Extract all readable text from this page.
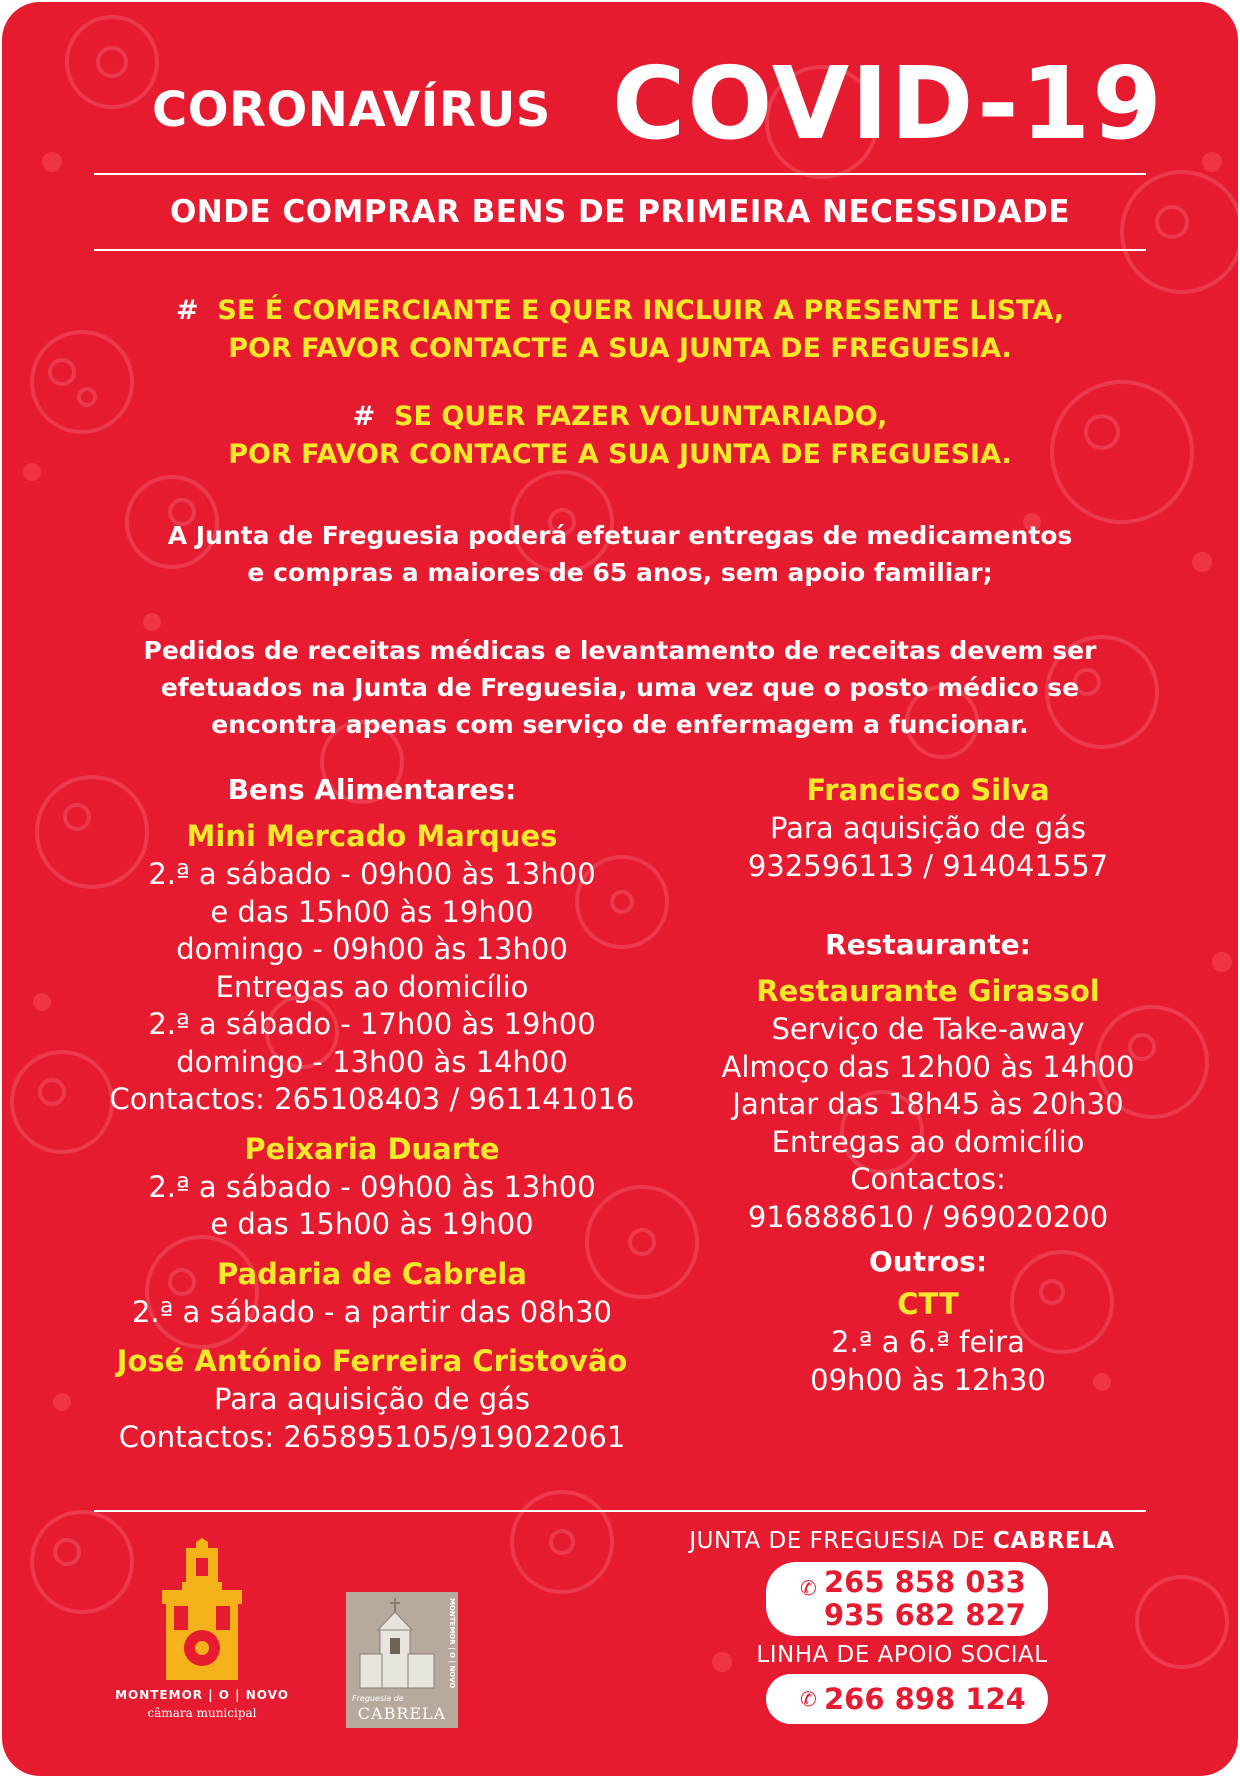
CORONAVÍRUS COVID-19
ONDE COMPRAR BENS DE PRIMEIRA NECESSIDADE
# SE É COMERCIANTE E QUER INCLUIR A PRESENTE LISTA,
POR FAVOR CONTACTE A SUA JUNTA DE FREGUESIA.
# SE QUER FAZER VOLUNTARIADO,
POR FAVOR CONTACTE A SUA JUNTA DE FREGUESIA.
A Junta de Freguesia poderá efetuar entregas de medicamentos
e compras a maiores de 65 anos, sem apoio familiar;
Pedidos de receitas médicas e levantamento de receitas devem ser
efetuados na Junta de Freguesia, uma vez que o posto médico se
encontra apenas com serviço de enfermagem a funcionar.
Bens Alimentares:
Mini Mercado Marques
2.ª a sábado - 09h00 às 13h00
e das 15h00 às 19h00
domingo - 09h00 às 13h00
Entregas ao domicílio
2.ª a sábado - 17h00 às 19h00
domingo - 13h00 às 14h00
Contactos: 265108403 / 961141016
Peixaria Duarte
2.ª a sábado - 09h00 às 13h00
e das 15h00 às 19h00
Padaria de Cabrela
2.ª a sábado - a partir das 08h30
José António Ferreira Cristovão
Para aquisição de gás
Contactos: 265895105/919022061
Francisco Silva
Para aquisição de gás
932596113 / 914041557
Restaurante:
Restaurante Girassol
Serviço de Take-away
Almoço das 12h00 às 14h00
Jantar das 18h45 às 20h30
Entregas ao domicílio
Contactos:
916888610 / 969020200
Outros:
CTT
2.ª a 6.ª feira
09h00 às 12h30
JUNTA DE FREGUESIA DE CABRELA
✆ 265 858 033
935 682 827
LINHA DE APOIO SOCIAL
✆ 266 898 124
MONTEMOR | O | NOVO
câmara municipal
MONTEMOR | O | NOVO
Freguesia de
CABRELA
